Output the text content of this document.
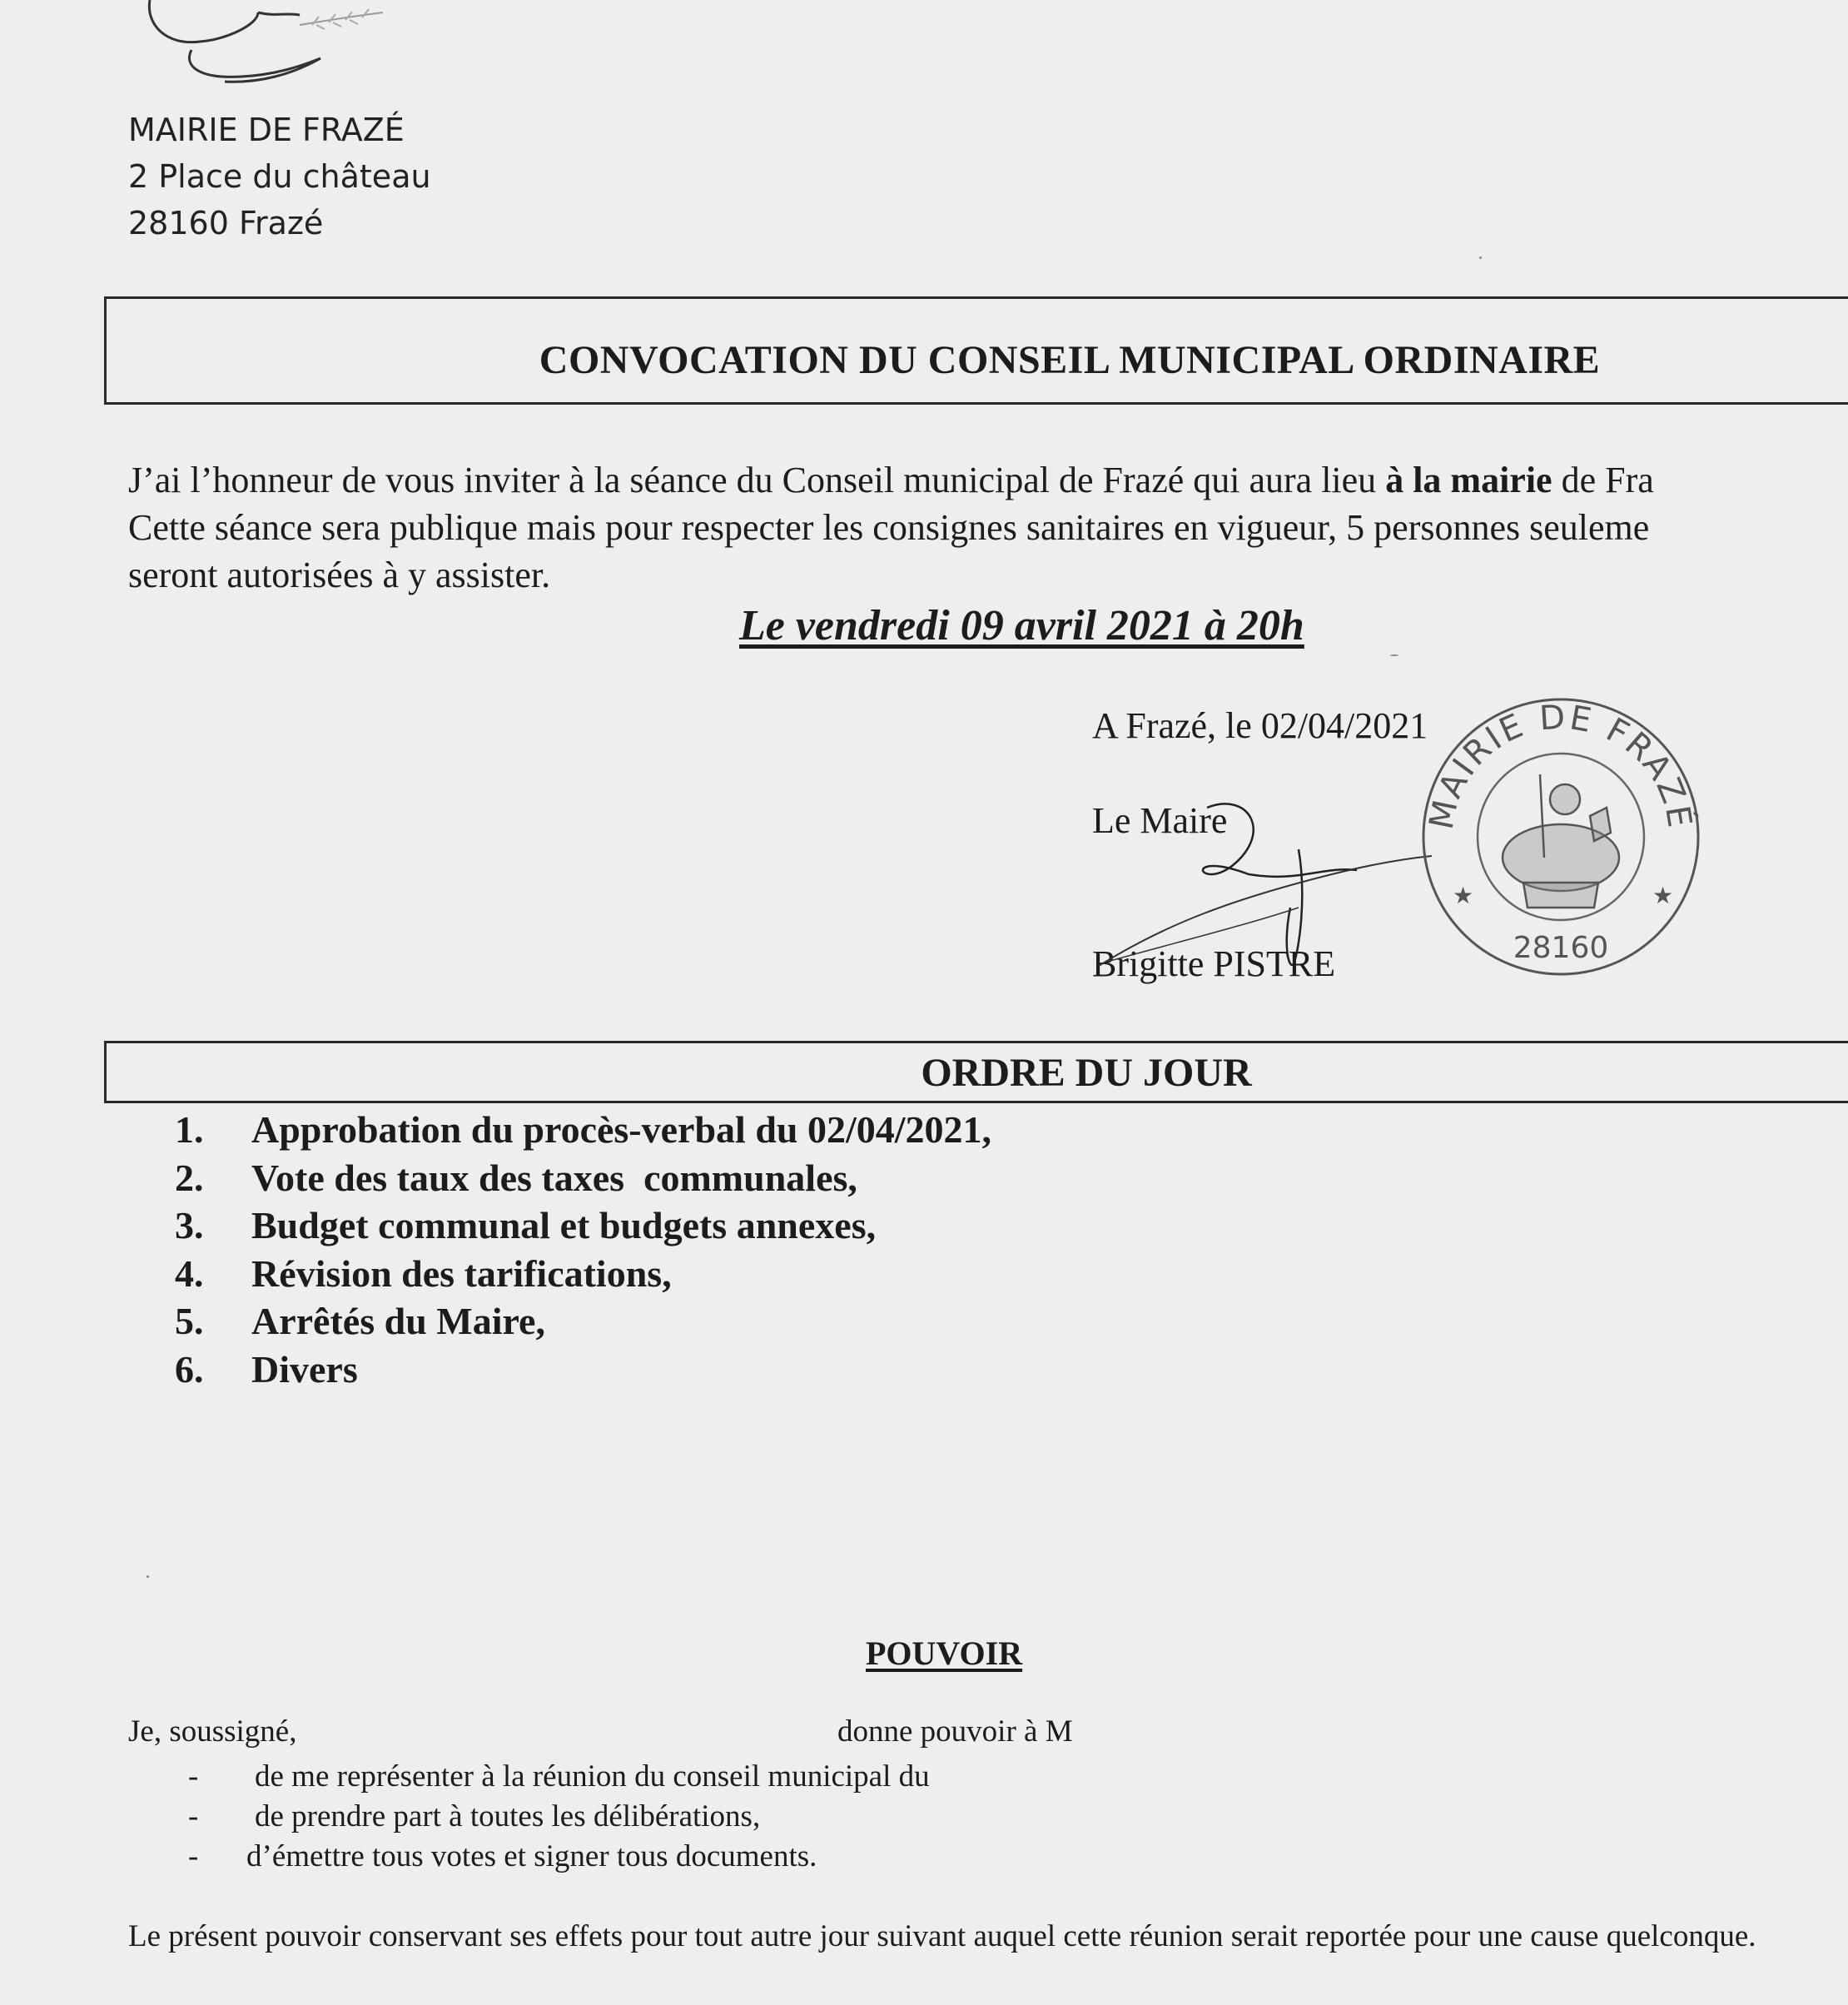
MAIRIE DE FRAZÉ
2 Place du château
28160 Frazé
CONVOCATION DU CONSEIL MUNICIPAL ORDINAIRE
J’ai l’honneur de vous inviter à la séance du Conseil municipal de Frazé qui aura lieu à la mairie de Fra
Cette séance sera publique mais pour respecter les consignes sanitaires en vigueur, 5 personnes seuleme
seront autorisées à y assister.
Le vendredi 09 avril 2021 à 20h
A Frazé, le 02/04/2021
Le Maire
Brigitte PISTRE
MAIRIE DE FRAZÉ
28160
★	★
ORDRE DU JOUR
1.	Approbation du procès-verbal du 02/04/2021,
2.	Vote des taux des taxes  communales,
3.	Budget communal et budgets annexes,
4.	Révision des tarifications,
5.	Arrêtés du Maire,
6.	Divers
POUVOIR
Je, soussigné,	donne pouvoir à M
-	de me représenter à la réunion du conseil municipal du
-	de prendre part à toutes les délibérations,
-	d’émettre tous votes et signer tous documents.
Le présent pouvoir conservant ses effets pour tout autre jour suivant auquel cette réunion serait reportée pour une cause quelconque.
